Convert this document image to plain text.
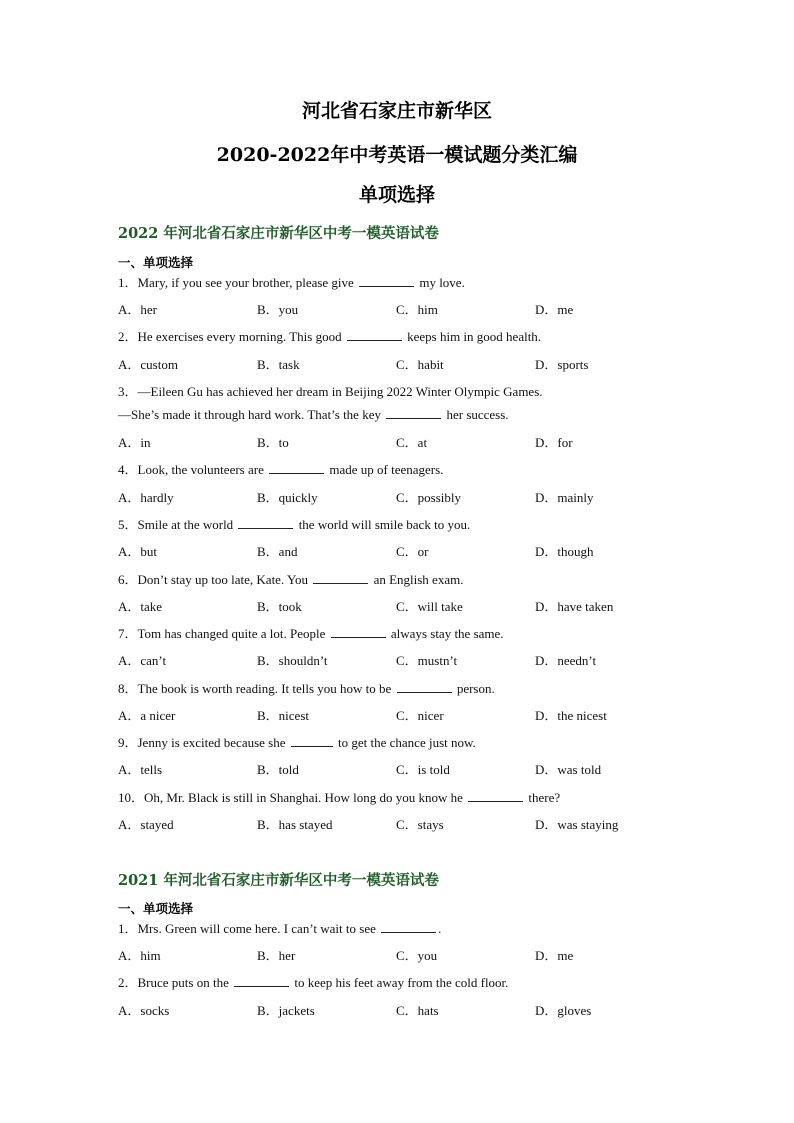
河北省石家庄市新华区
2020-2022年中考英语一模试题分类汇编
单项选择
2022 年河北省石家庄市新华区中考一模英语试卷
一、单项选择
1．Mary, if you see your brother, please give	my love.
A．her	B．you	C．him	D．me
2．He exercises every morning. This good	keeps him in good health.
A．custom	B．task	C．habit	D．sports
3．—Eileen Gu has achieved her dream in Beijing 2022 Winter Olympic Games.
—She’s made it through hard work. That’s the key	her success.
A．in	B．to	C．at	D．for
4．Look, the volunteers are	made up of teenagers.
A．hardly	B．quickly	C．possibly	D．mainly
5．Smile at the world	the world will smile back to you.
A．but	B．and	C．or	D．though
6．Don’t stay up too late, Kate. You	an English exam.
A．take	B．took	C．will take	D．have taken
7．Tom has changed quite a lot. People	always stay the same.
A．can’t	B．shouldn’t	C．mustn’t	D．needn’t
8．The book is worth reading. It tells you how to be	person.
A．a nicer	B．nicest	C．nicer	D．the nicest
9．Jenny is excited because she	to get the chance just now.
A．tells	B．told	C．is told	D．was told
10．Oh, Mr. Black is still in Shanghai. How long do you know he	there?
A．stayed	B．has stayed	C．stays	D．was staying
2021 年河北省石家庄市新华区中考一模英语试卷
一、单项选择
1．Mrs. Green will come here. I can’t wait to see	.
A．him	B．her	C．you	D．me
2．Bruce puts on the	to keep his feet away from the cold floor.
A．socks	B．jackets	C．hats	D．gloves
